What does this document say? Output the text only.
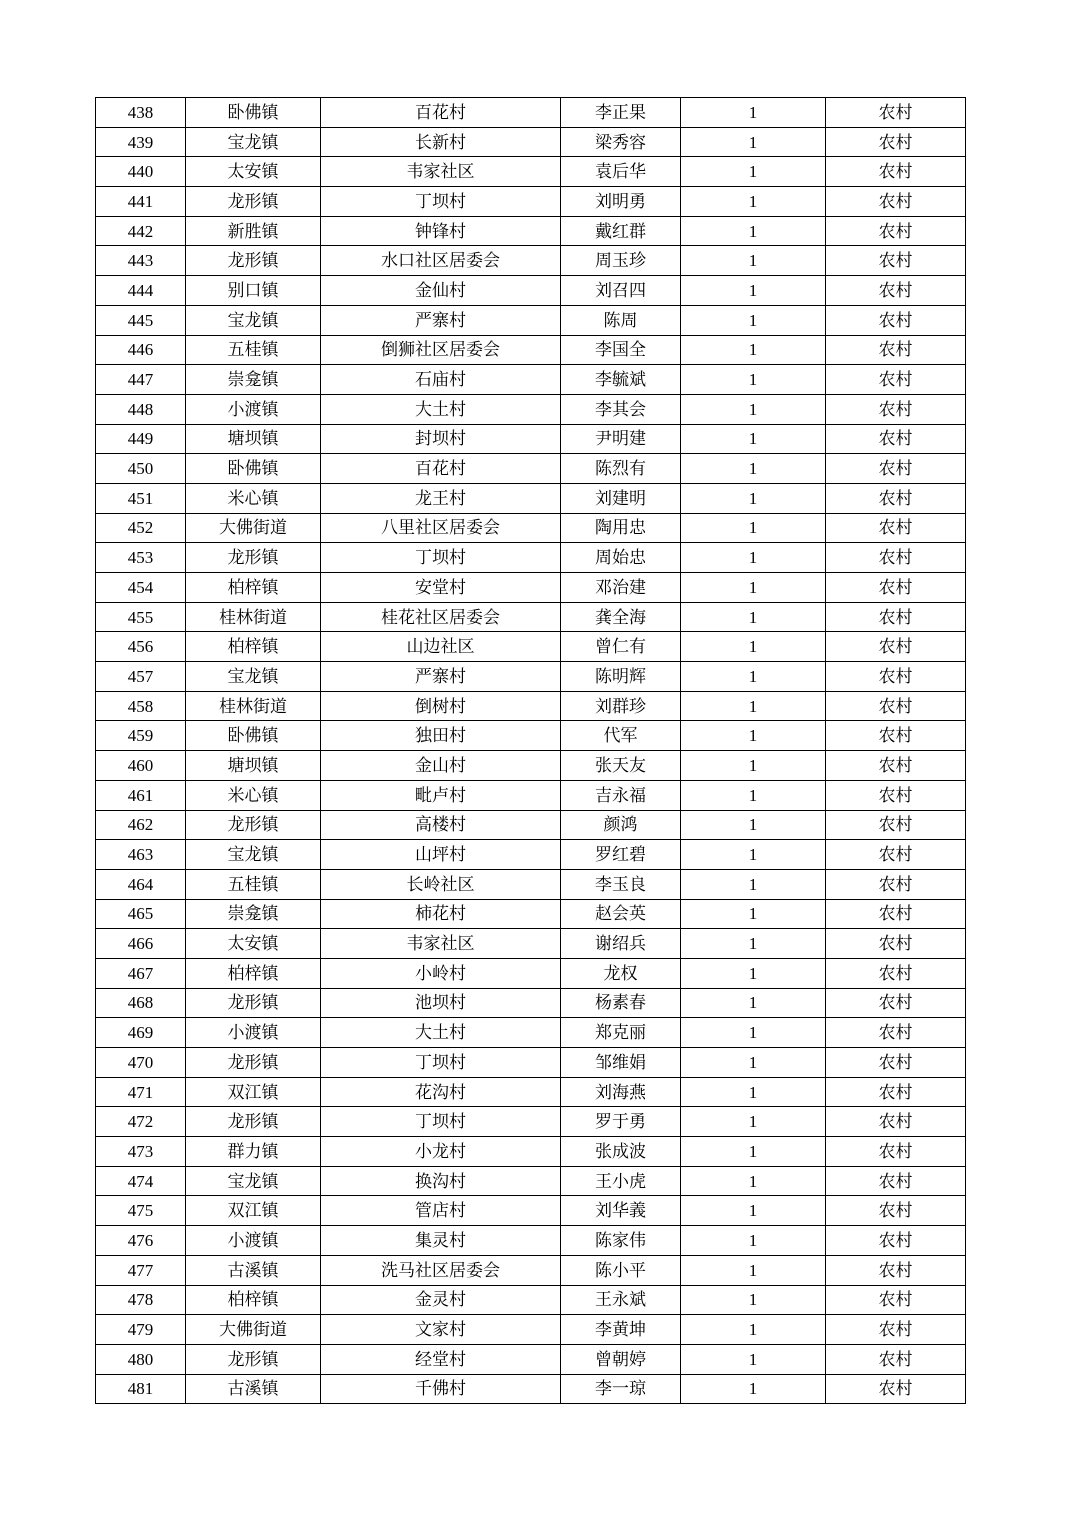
438	卧佛镇	百花村	李正果	1	农村
439	宝龙镇	长新村	梁秀容	1	农村
440	太安镇	韦家社区	袁后华	1	农村
441	龙形镇	丁坝村	刘明勇	1	农村
442	新胜镇	钟锋村	戴红群	1	农村
443	龙形镇	水口社区居委会	周玉珍	1	农村
444	别口镇	金仙村	刘召四	1	农村
445	宝龙镇	严寨村	陈周	1	农村
446	五桂镇	倒狮社区居委会	李国全	1	农村
447	崇龛镇	石庙村	李毓斌	1	农村
448	小渡镇	大土村	李其会	1	农村
449	塘坝镇	封坝村	尹明建	1	农村
450	卧佛镇	百花村	陈烈有	1	农村
451	米心镇	龙王村	刘建明	1	农村
452	大佛街道	八里社区居委会	陶用忠	1	农村
453	龙形镇	丁坝村	周始忠	1	农村
454	柏梓镇	安堂村	邓治建	1	农村
455	桂林街道	桂花社区居委会	龚全海	1	农村
456	柏梓镇	山边社区	曾仁有	1	农村
457	宝龙镇	严寨村	陈明辉	1	农村
458	桂林街道	倒树村	刘群珍	1	农村
459	卧佛镇	独田村	代军	1	农村
460	塘坝镇	金山村	张天友	1	农村
461	米心镇	毗卢村	吉永福	1	农村
462	龙形镇	高楼村	颜鸿	1	农村
463	宝龙镇	山坪村	罗红碧	1	农村
464	五桂镇	长岭社区	李玉良	1	农村
465	崇龛镇	柿花村	赵会英	1	农村
466	太安镇	韦家社区	谢绍兵	1	农村
467	柏梓镇	小岭村	龙权	1	农村
468	龙形镇	池坝村	杨素春	1	农村
469	小渡镇	大土村	郑克丽	1	农村
470	龙形镇	丁坝村	邹维娟	1	农村
471	双江镇	花沟村	刘海燕	1	农村
472	龙形镇	丁坝村	罗于勇	1	农村
473	群力镇	小龙村	张成波	1	农村
474	宝龙镇	换沟村	王小虎	1	农村
475	双江镇	管店村	刘华義	1	农村
476	小渡镇	集灵村	陈家伟	1	农村
477	古溪镇	洗马社区居委会	陈小平	1	农村
478	柏梓镇	金灵村	王永斌	1	农村
479	大佛街道	文家村	李黄坤	1	农村
480	龙形镇	经堂村	曾朝婷	1	农村
481	古溪镇	千佛村	李一琼	1	农村
